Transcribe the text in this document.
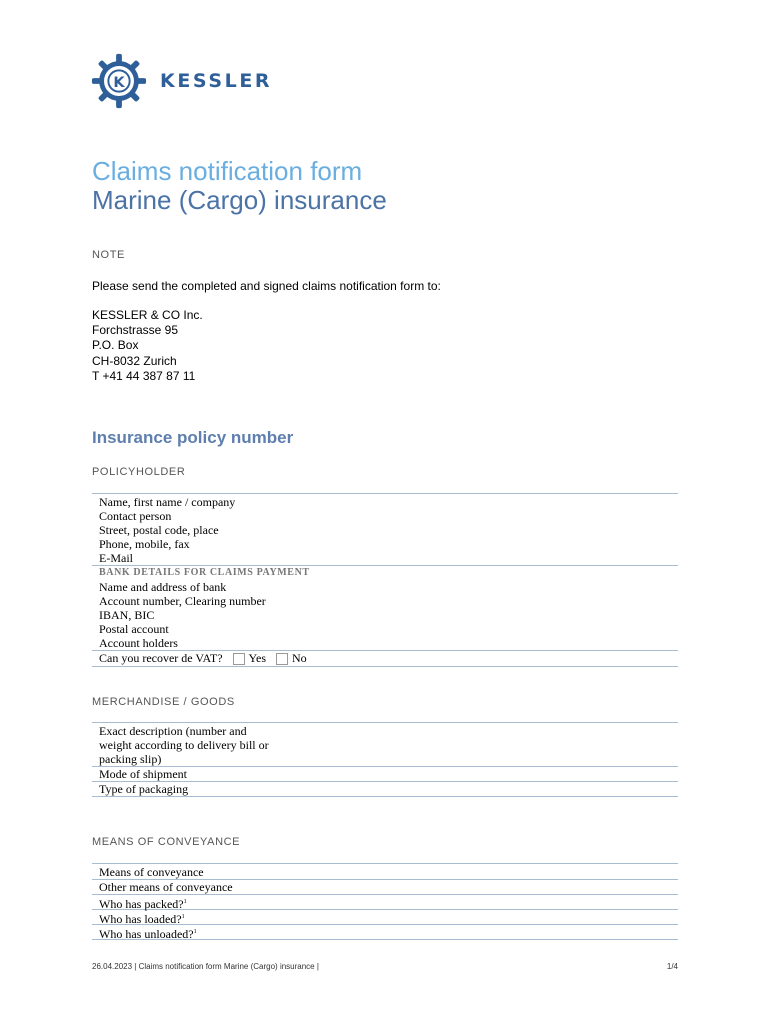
K KESSLER
Claims notification form
Marine (Cargo) insurance
NOTE
Please send the completed and signed claims notification form to:
KESSLER & CO Inc.
Forchstrasse 95
P.O. Box
CH-8032 Zurich
T +41 44 387 87 11
Insurance policy number
POLICYHOLDER
Name, first name / company
Contact person
Street, postal code, place
Phone, mobile, fax
E-Mail
BANK DETAILS FOR CLAIMS PAYMENT
Name and address of bank
Account number, Clearing number
IBAN, BIC
Postal account
Account holders
Can you recover de VAT? Yes No
MERCHANDISE / GOODS
Exact description (number and
weight according to delivery bill or
packing slip)
Mode of shipment
Type of packaging
MEANS OF CONVEYANCE
Means of conveyance
Other means of conveyance
Who has packed?$^1$
Who has loaded?$^1$
Who has unloaded?$^1$
26.04.2023 | Claims notification form Marine (Cargo) insurance |	1/4
